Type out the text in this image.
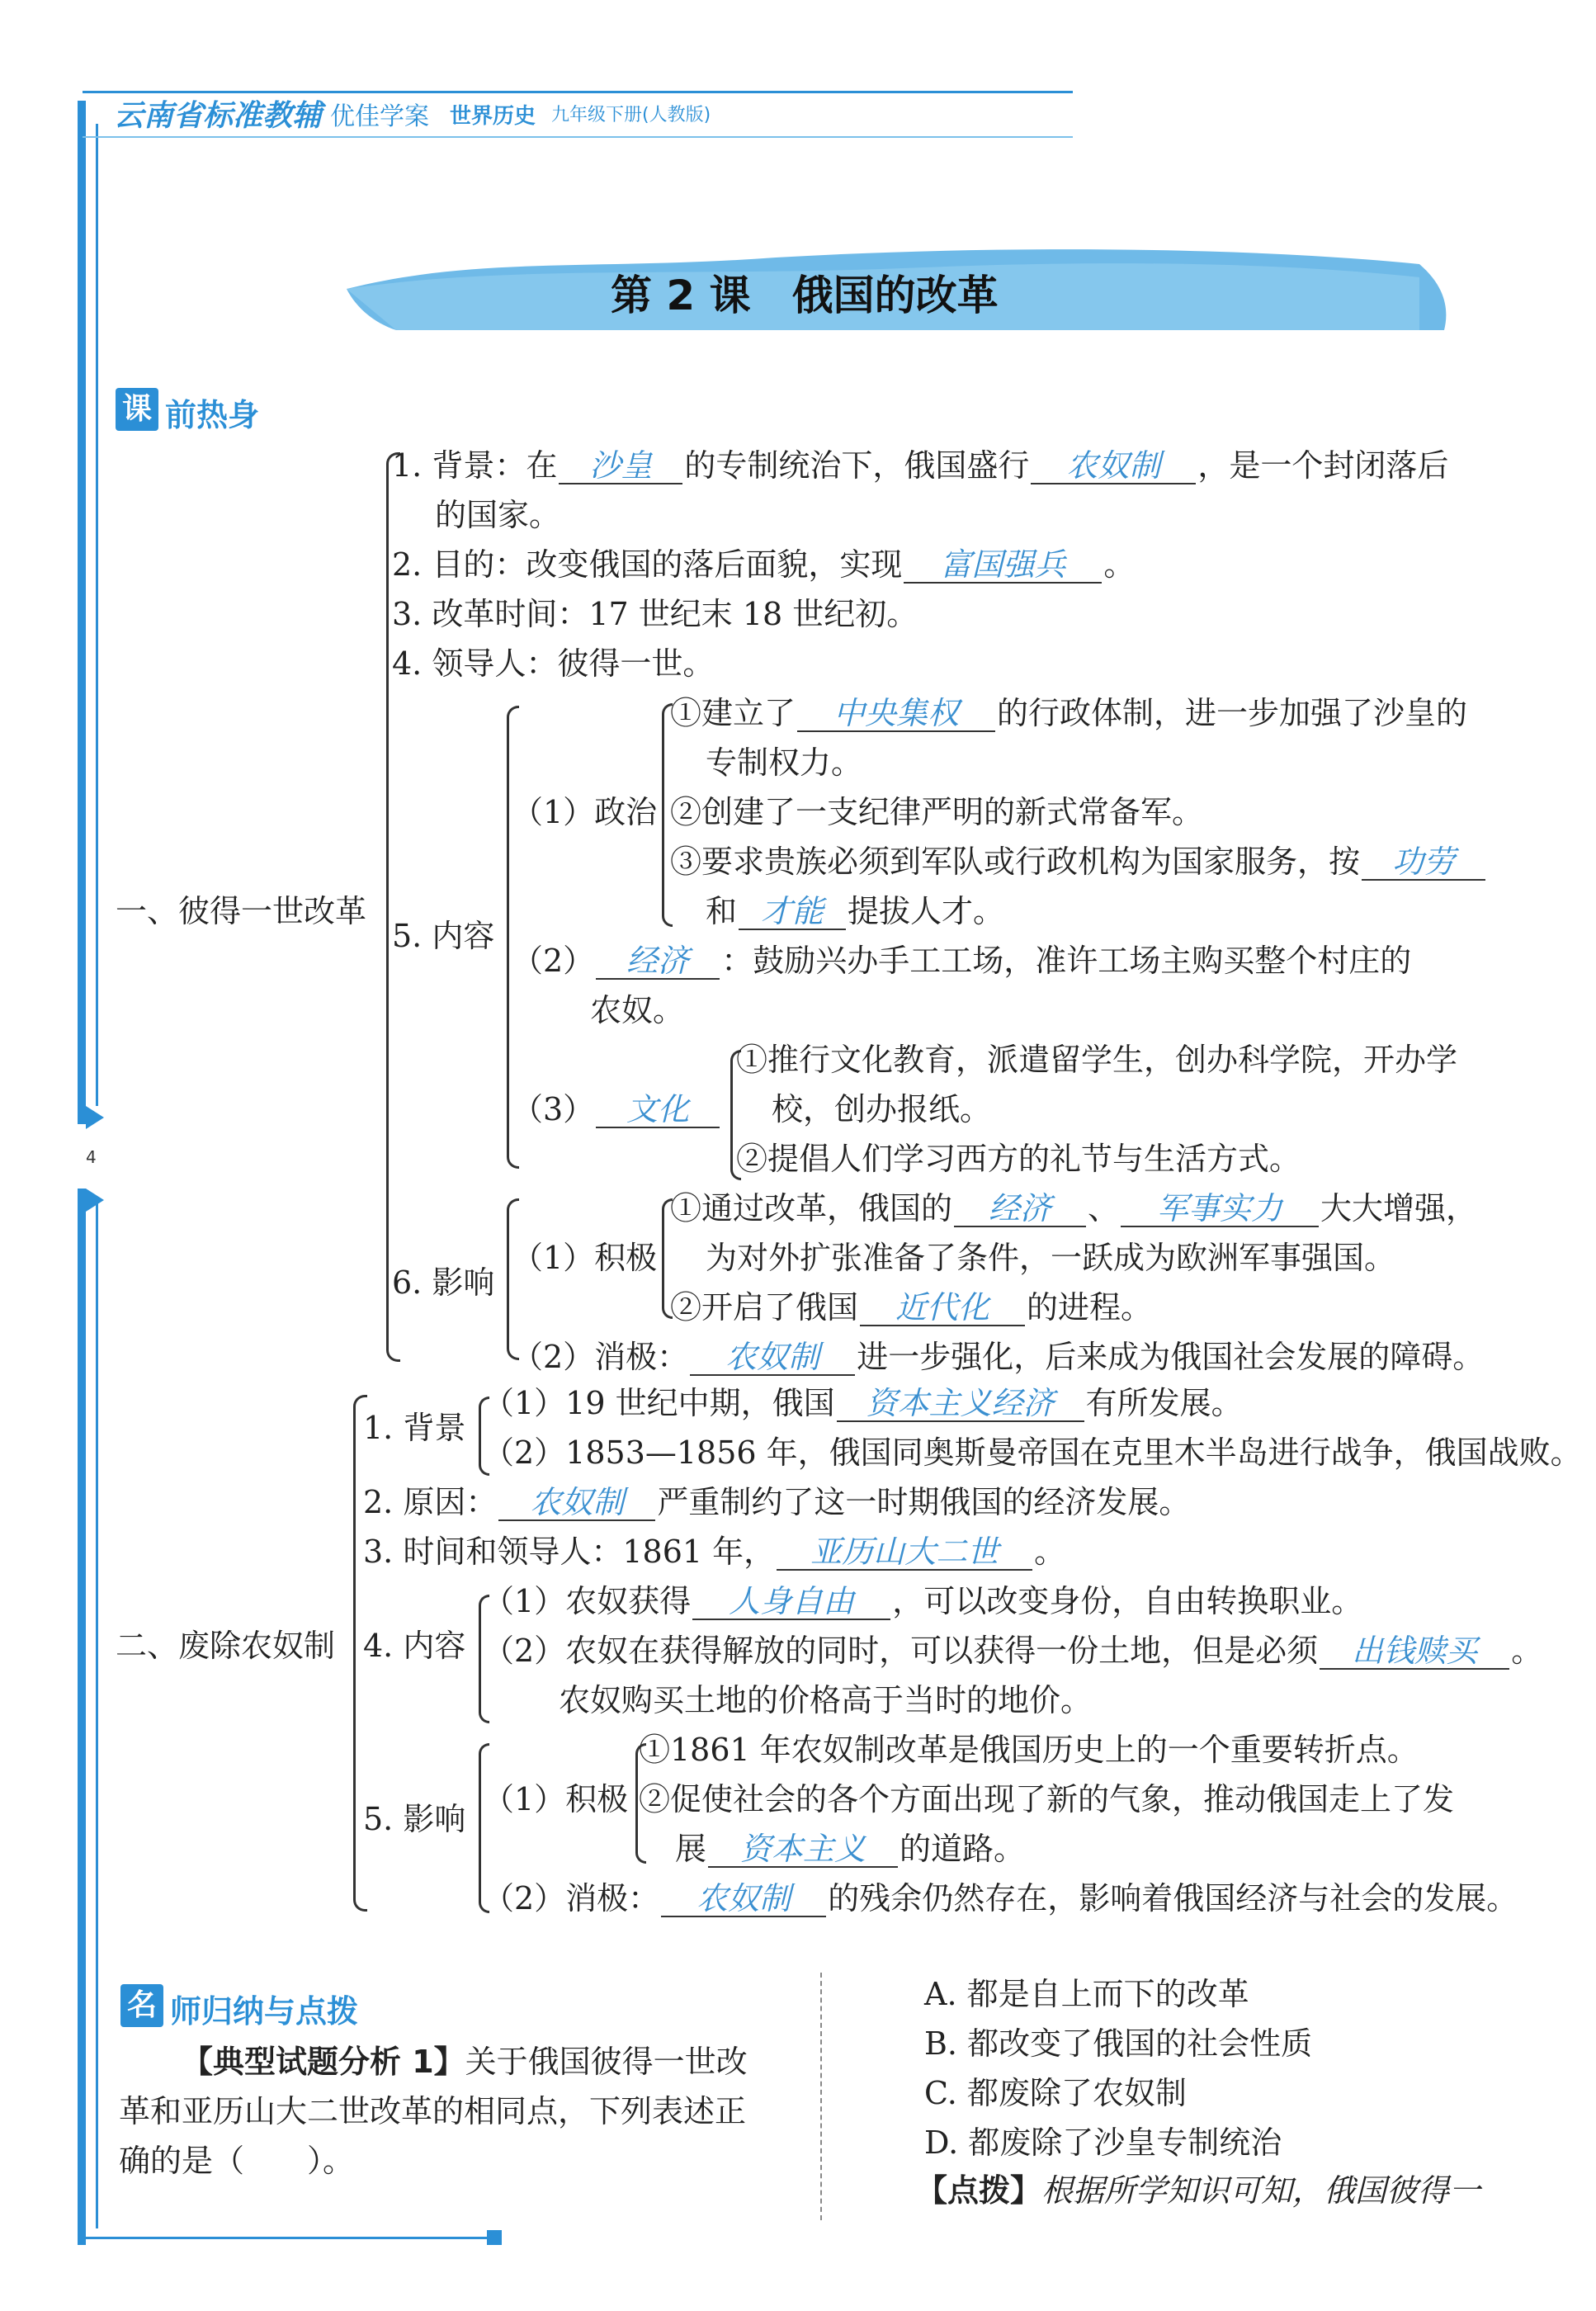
4
云南省标准教辅 优佳学案 世界历史 九年级下册(人教版)
第 2 课　俄国的改革
课 前热身
一、彼得一世改革
1. 背景：在 沙皇 的专制统治下，俄国盛行 农奴制 ，是一个封闭落后
的国家。
2. 目的：改变俄国的落后面貌，实现 富国强兵 。
3. 改革时间：17 世纪末 18 世纪初。
4. 领导人：彼得一世。
5. 内容
（1）政治
①建立了 中央集权 的行政体制，进一步加强了沙皇的
专制权力。
②创建了一支纪律严明的新式常备军。
③要求贵族必须到军队或行政机构为国家服务，按 功劳
和 才能 提拔人才。
（2） 经济 ：鼓励兴办手工工场，准许工场主购买整个村庄的
农奴。
（3） 文化
①推行文化教育，派遣留学生，创办科学院，开办学
校，创办报纸。
②提倡人们学习西方的礼节与生活方式。
6. 影响
（1）积极
①通过改革，俄国的 经济 、 军事实力 大大增强，
为对外扩张准备了条件，一跃成为欧洲军事强国。
②开启了俄国 近代化 的进程。
（2）消极： 农奴制 进一步强化，后来成为俄国社会发展的障碍。
二、废除农奴制
1. 背景
（1）19 世纪中期，俄国 资本主义经济 有所发展。
（2）1853—1856 年，俄国同奥斯曼帝国在克里木半岛进行战争，俄国战败。
2. 原因： 农奴制 严重制约了这一时期俄国的经济发展。
3. 时间和领导人：1861 年， 亚历山大二世 。
4. 内容
（1）农奴获得 人身自由 ，可以改变身份，自由转换职业。
（2）农奴在获得解放的同时，可以获得一份土地，但是必须 出钱赎买 。
农奴购买土地的价格高于当时的地价。
5. 影响
（1）积极
①1861 年农奴制改革是俄国历史上的一个重要转折点。
②促使社会的各个方面出现了新的气象，推动俄国走上了发
展 资本主义 的道路。
（2）消极： 农奴制 的残余仍然存在，影响着俄国经济与社会的发展。
名 师归纳与点拨
【典型试题分析 1】关于俄国彼得一世改
革和亚历山大二世改革的相同点，下列表述正
确的是（　　）。
A. 都是自上而下的改革
B. 都改变了俄国的社会性质
C. 都废除了农奴制
D. 都废除了沙皇专制统治
【点拨】根据所学知识可知，俄国彼得一
